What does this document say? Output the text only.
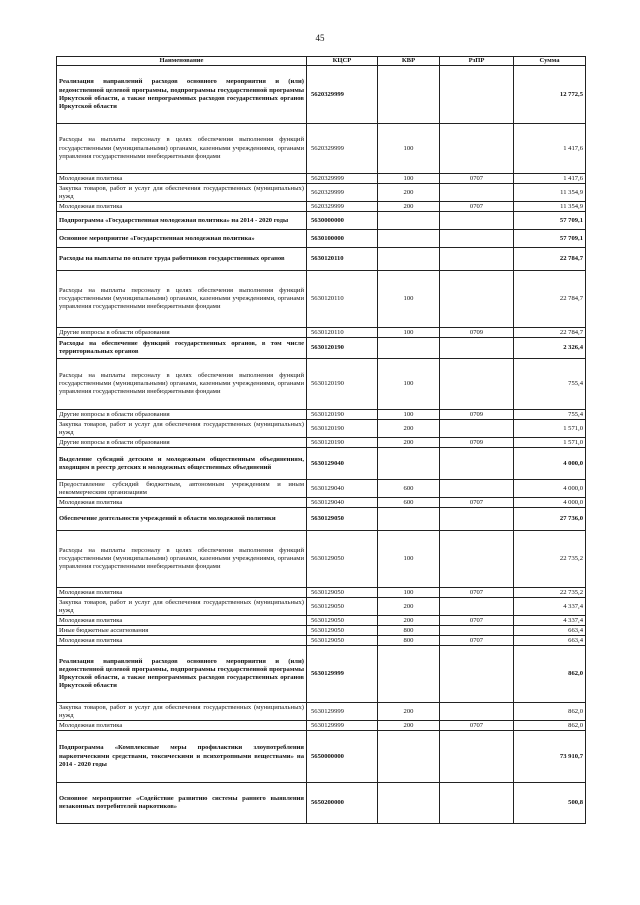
45
Наименование	КЦСР	КВР	РзПР	Сумма
Реализация направлений расходов основного мероприятия и (или) ведомственной целевой программы, подпрограммы государственной программы Иркутской области, а также непрограммных расходов государственных органов Иркутской области	5620329999			12 772,5
Расходы на выплаты персоналу в целях обеспечения выполнения функций государственными (муниципальными) органами, казенными учреждениями, органами управления государственными внебюджетными фондами	5620329999	100		1 417,6
Молодежная политика	5620329999	100	0707	1 417,6
Закупка товаров, работ и услуг для обеспечения государственных (муниципальных) нужд	5620329999	200		11 354,9
Молодежная политика	5620329999	200	0707	11 354,9
Подпрограмма «Государственная молодежная политика» на 2014 - 2020 годы	5630000000			57 709,1
Основное мероприятие «Государственная молодежная политика»	5630100000			57 709,1
Расходы на выплаты по оплате труда работников государственных органов	5630120110			22 784,7
Расходы на выплаты персоналу в целях обеспечения выполнения функций государственными (муниципальными) органами, казенными учреждениями, органами управления государственными внебюджетными фондами	5630120110	100		22 784,7
Другие вопросы в области образования	5630120110	100	0709	22 784,7
Расходы на обеспечение функций государственных органов, в том числе территориальных органов	5630120190			2 326,4
Расходы на выплаты персоналу в целях обеспечения выполнения функций государственными (муниципальными) органами, казенными учреждениями, органами управления государственными внебюджетными фондами	5630120190	100		755,4
Другие вопросы в области образования	5630120190	100	0709	755,4
Закупка товаров, работ и услуг для обеспечения государственных (муниципальных) нужд	5630120190	200		1 571,0
Другие вопросы в области образования	5630120190	200	0709	1 571,0
Выделение субсидий детским и молодежным общественным объединениям, входящим в реестр детских и молодежных общественных объединений	5630129040			4 000,0
Предоставление субсидий бюджетным, автономным учреждениям и иным некоммерческим организациям	5630129040	600		4 000,0
Молодежная политика	5630129040	600	0707	4 000,0
Обеспечение деятельности учреждений в области молодежной политики	5630129050			27 736,0
Расходы на выплаты персоналу в целях обеспечения выполнения функций государственными (муниципальными) органами, казенными учреждениями, органами управления государственными внебюджетными фондами	5630129050	100		22 735,2
Молодежная политика	5630129050	100	0707	22 735,2
Закупка товаров, работ и услуг для обеспечения государственных (муниципальных) нужд	5630129050	200		4 337,4
Молодежная политика	5630129050	200	0707	4 337,4
Иные бюджетные ассигнования	5630129050	800		663,4
Молодежная политика	5630129050	800	0707	663,4
Реализация направлений расходов основного мероприятия и (или) ведомственной целевой программы, подпрограммы государственной программы Иркутской области, а также непрограммных расходов государственных органов Иркутской области	5630129999			862,0
Закупка товаров, работ и услуг для обеспечения государственных (муниципальных) нужд	5630129999	200		862,0
Молодежная политика	5630129999	200	0707	862,0
Подпрограмма «Комплексные меры профилактики злоупотребления наркотическими средствами, токсическими и психотропными веществами» на 2014 - 2020 годы	5650000000			73 910,7
Основное мероприятие «Содействие развитию системы раннего выявления незаконных потребителей наркотиков»	5650200000			500,8
